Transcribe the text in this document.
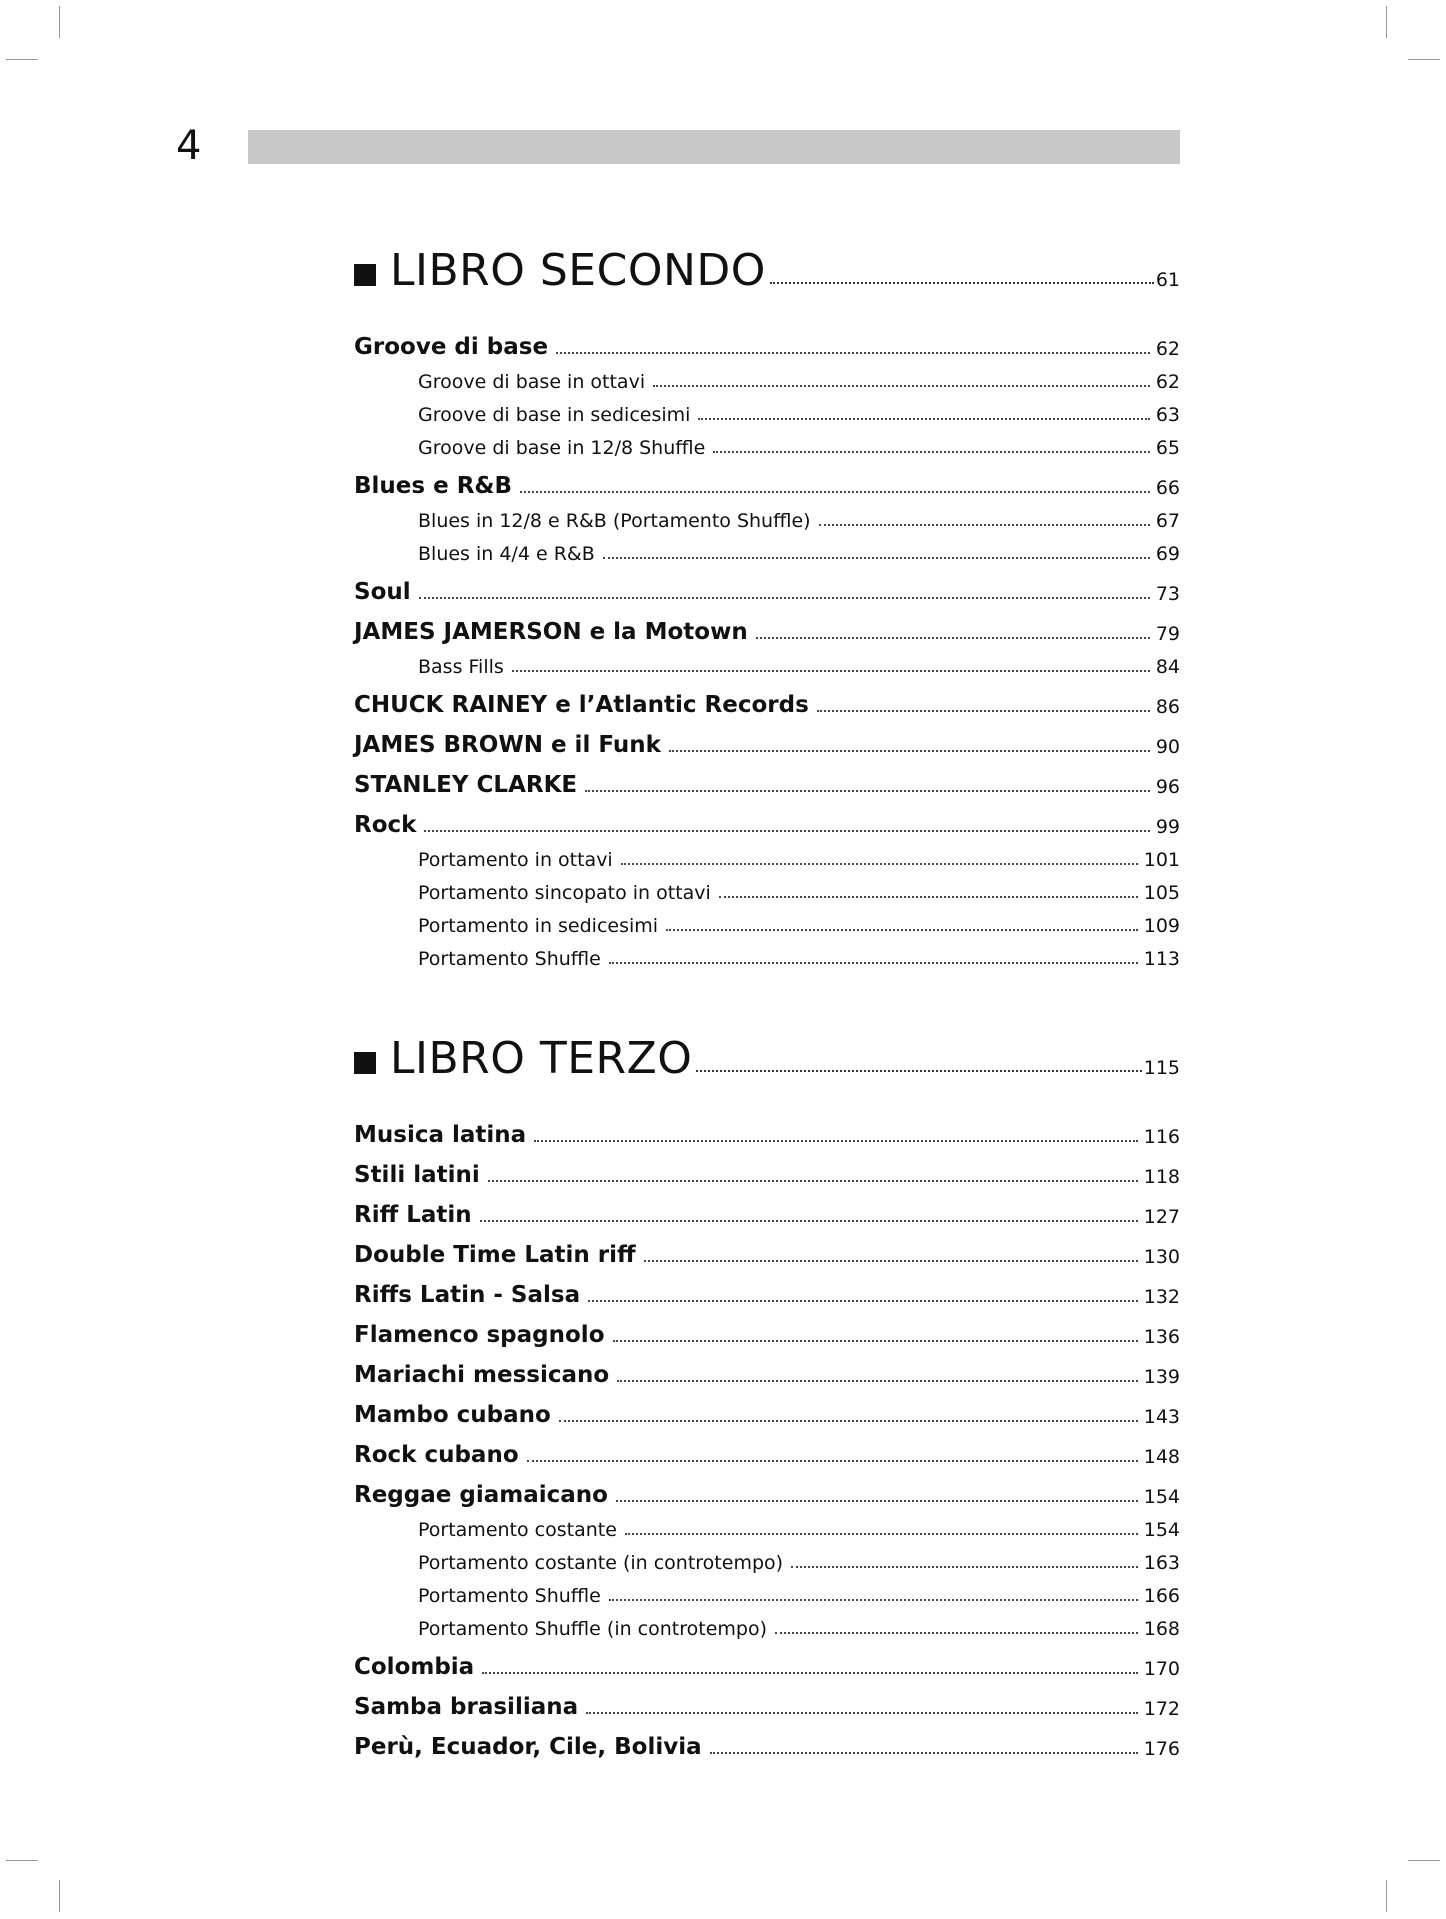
4
LIBRO SECONDO	61
Groove di base	62
Groove di base in ottavi	62
Groove di base in sedicesimi	63
Groove di base in 12/8 Shuffle	65
Blues e R&B	66
Blues in 12/8 e R&B (Portamento Shuffle)	67
Blues in 4/4 e R&B	69
Soul	73
JAMES JAMERSON e la Motown	79
Bass Fills	84
CHUCK RAINEY e l’Atlantic Records	86
JAMES BROWN e il Funk	90
STANLEY CLARKE	96
Rock	99
Portamento in ottavi	101
Portamento sincopato in ottavi	105
Portamento in sedicesimi	109
Portamento Shuffle	113
LIBRO TERZO	115
Musica latina	116
Stili latini	118
Riff Latin	127
Double Time Latin riff	130
Riffs Latin - Salsa	132
Flamenco spagnolo	136
Mariachi messicano	139
Mambo cubano	143
Rock cubano	148
Reggae giamaicano	154
Portamento costante	154
Portamento costante (in controtempo)	163
Portamento Shuffle	166
Portamento Shuffle (in controtempo)	168
Colombia	170
Samba brasiliana	172
Perù, Ecuador, Cile, Bolivia	176
